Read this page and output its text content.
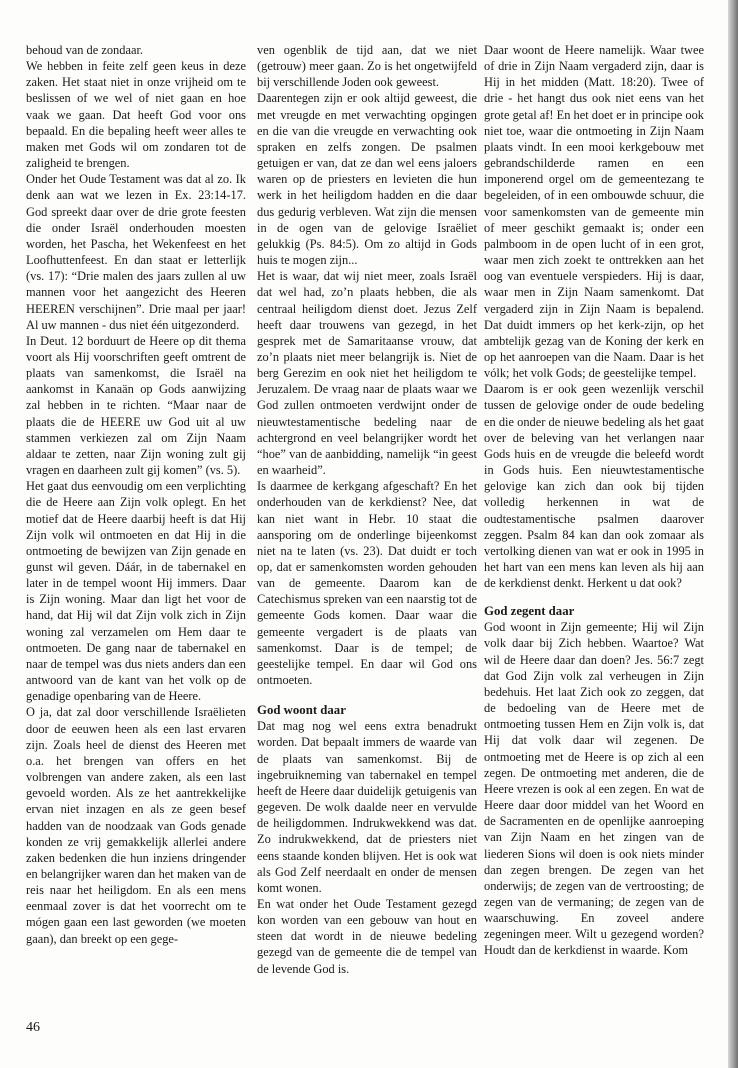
behoud van de zondaar.

We hebben in feite zelf geen keus in deze zaken. Het staat niet in onze vrijheid om te beslissen of we wel of niet gaan en hoe vaak we gaan. Dat heeft God voor ons bepaald. En die bepaling heeft weer alles te maken met Gods wil om zondaren tot de zaligheid te brengen.

Onder het Oude Testament was dat al zo. Ik denk aan wat we lezen in Ex. 23:14-17. God spreekt daar over de drie grote feesten die onder Israël onderhouden moesten worden, het Pascha, het Wekenfeest en het Loofhuttenfeest. En dan staat er letterlijk (vs. 17): “Drie malen des jaars zullen al uw mannen voor het aangezicht des Heeren HEEREN verschijnen”. Drie maal per jaar! Al uw mannen - dus niet één uitgezonderd.

In Deut. 12 borduurt de Heere op dit thema voort als Hij voorschriften geeft omtrent de plaats van samenkomst, die Israël na aankomst in Kanaän op Gods aanwijzing zal hebben in te richten. “Maar naar de plaats die de HEERE uw God uit al uw stammen verkiezen zal om Zijn Naam aldaar te zetten, naar Zijn woning zult gij vragen en daarheen zult gij komen” (vs. 5).

Het gaat dus eenvoudig om een verplichting die de Heere aan Zijn volk oplegt. En het motief dat de Heere daarbij heeft is dat Hij Zijn volk wil ontmoeten en dat Hij in die ontmoeting de bewijzen van Zijn genade en gunst wil geven. Dáár, in de tabernakel en later in de tempel woont Hij immers. Daar is Zijn woning. Maar dan ligt het voor de hand, dat Hij wil dat Zijn volk zich in Zijn woning zal verzamelen om Hem daar te ontmoeten. De gang naar de tabernakel en naar de tempel was dus niets anders dan een antwoord van de kant van het volk op de genadige openbaring van de Heere.

O ja, dat zal door verschillende Israëlieten door de eeuwen heen als een last ervaren zijn. Zoals heel de dienst des Heeren met o.a. het brengen van offers en het volbrengen van andere zaken, als een last gevoeld worden. Als ze het aantrekkelijke ervan niet inzagen en als ze geen besef hadden van de noodzaak van Gods genade konden ze vrij gemakkelijk allerlei andere zaken bedenken die hun inziens dringender en belangrijker waren dan het maken van de reis naar het heiligdom. En als een mens eenmaal zover is dat het voorrecht om te mógen gaan een last geworden (we moeten gaan), dan breekt op een gege-

ven ogenblik de tijd aan, dat we niet (getrouw) meer gaan. Zo is het ongetwijfeld bij verschillende Joden ook geweest.

Daarentegen zijn er ook altijd geweest, die met vreugde en met verwachting opgingen en die van die vreugde en verwachting ook spraken en zelfs zongen. De psalmen getuigen er van, dat ze dan wel eens jaloers waren op de priesters en levieten die hun werk in het heiligdom hadden en die daar dus gedurig verbleven. Wat zijn die mensen in de ogen van de gelovige Israëliet gelukkig (Ps. 84:5). Om zo altijd in Gods huis te mogen zijn...

Het is waar, dat wij niet meer, zoals Israël dat wel had, zo’n plaats hebben, die als centraal heiligdom dienst doet. Jezus Zelf heeft daar trouwens van gezegd, in het gesprek met de Samaritaanse vrouw, dat zo’n plaats niet meer belangrijk is. Niet de berg Gerezim en ook niet het heiligdom te Jeruzalem. De vraag naar de plaats waar we God zullen ontmoeten verdwijnt onder de nieuwtestamentische bedeling naar de achtergrond en veel belangrijker wordt het “hoe” van de aanbidding, namelijk “in geest en waarheid”.

Is daarmee de kerkgang afgeschaft? En het onderhouden van de kerkdienst? Nee, dat kan niet want in Hebr. 10 staat die aansporing om de onderlinge bijeenkomst niet na te laten (vs. 23). Dat duidt er toch op, dat er samenkomsten worden gehouden van de gemeente. Daarom kan de Catechismus spreken van een naarstig tot de gemeente Gods komen. Daar waar die gemeente vergadert is de plaats van samenkomst. Daar is de tempel; de geestelijke tempel. En daar wil God ons ontmoeten.

God woont daar

Dat mag nog wel eens extra benadrukt worden. Dat bepaalt immers de waarde van de plaats van samenkomst. Bij de ingebruikneming van tabernakel en tempel heeft de Heere daar duidelijk getuigenis van gegeven. De wolk daalde neer en vervulde de heiligdommen. Indrukwekkend was dat. Zo indrukwekkend, dat de priesters niet eens staande konden blijven. Het is ook wat als God Zelf neerdaalt en onder de mensen komt wonen.

En wat onder het Oude Testament gezegd kon worden van een gebouw van hout en steen dat wordt in de nieuwe bedeling gezegd van de gemeente die de tempel van de levende God is.

Daar woont de Heere namelijk. Waar twee of drie in Zijn Naam vergaderd zijn, daar is Hij in het midden (Matt. 18:20). Twee of drie - het hangt dus ook niet eens van het grote getal af! En het doet er in principe ook niet toe, waar die ontmoeting in Zijn Naam plaats vindt. In een mooi kerkgebouw met gebrandschilderde ramen en een imponerend orgel om de gemeentezang te begeleiden, of in een ombouwde schuur, die voor samenkomsten van de gemeente min of meer geschikt gemaakt is; onder een palmboom in de open lucht of in een grot, waar men zich zoekt te onttrekken aan het oog van eventuele verspieders. Hij is daar, waar men in Zijn Naam samenkomt. Dat vergaderd zijn in Zijn Naam is bepalend. Dat duidt immers op het kerk-zijn, op het ambtelijk gezag van de Koning der kerk en op het aanroepen van die Naam. Daar is het vólk; het volk Gods; de geestelijke tempel.

Daarom is er ook geen wezenlijk verschil tussen de gelovige onder de oude bedeling en die onder de nieuwe bedeling als het gaat over de beleving van het verlangen naar Gods huis en de vreugde die beleefd wordt in Gods huis. Een nieuwtestamentische gelovige kan zich dan ook bij tijden volledig herkennen in wat de oudtestamentische psalmen daarover zeggen. Psalm 84 kan dan ook zomaar als vertolking dienen van wat er ook in 1995 in het hart van een mens kan leven als hij aan de kerkdienst denkt. Herkent u dat ook?

God zegent daar

God woont in Zijn gemeente; Hij wil Zijn volk daar bij Zich hebben. Waartoe? Wat wil de Heere daar dan doen? Jes. 56:7 zegt dat God Zijn volk zal verheugen in Zijn bedehuis. Het laat Zich ook zo zeggen, dat de bedoeling van de Heere met de ontmoeting tussen Hem en Zijn volk is, dat Hij dat volk daar wil zegenen. De ontmoeting met de Heere is op zich al een zegen. De ontmoeting met anderen, die de Heere vrezen is ook al een zegen. En wat de Heere daar door middel van het Woord en de Sacramenten en de openlijke aanroeping van Zijn Naam en het zingen van de liederen Sions wil doen is ook niets minder dan zegen brengen. De zegen van het onderwijs; de zegen van de vertroosting; de zegen van de vermaning; de zegen van de waarschuwing. En zoveel andere zegeningen meer. Wilt u gezegend worden? Houdt dan de kerkdienst in waarde. Kom

46
